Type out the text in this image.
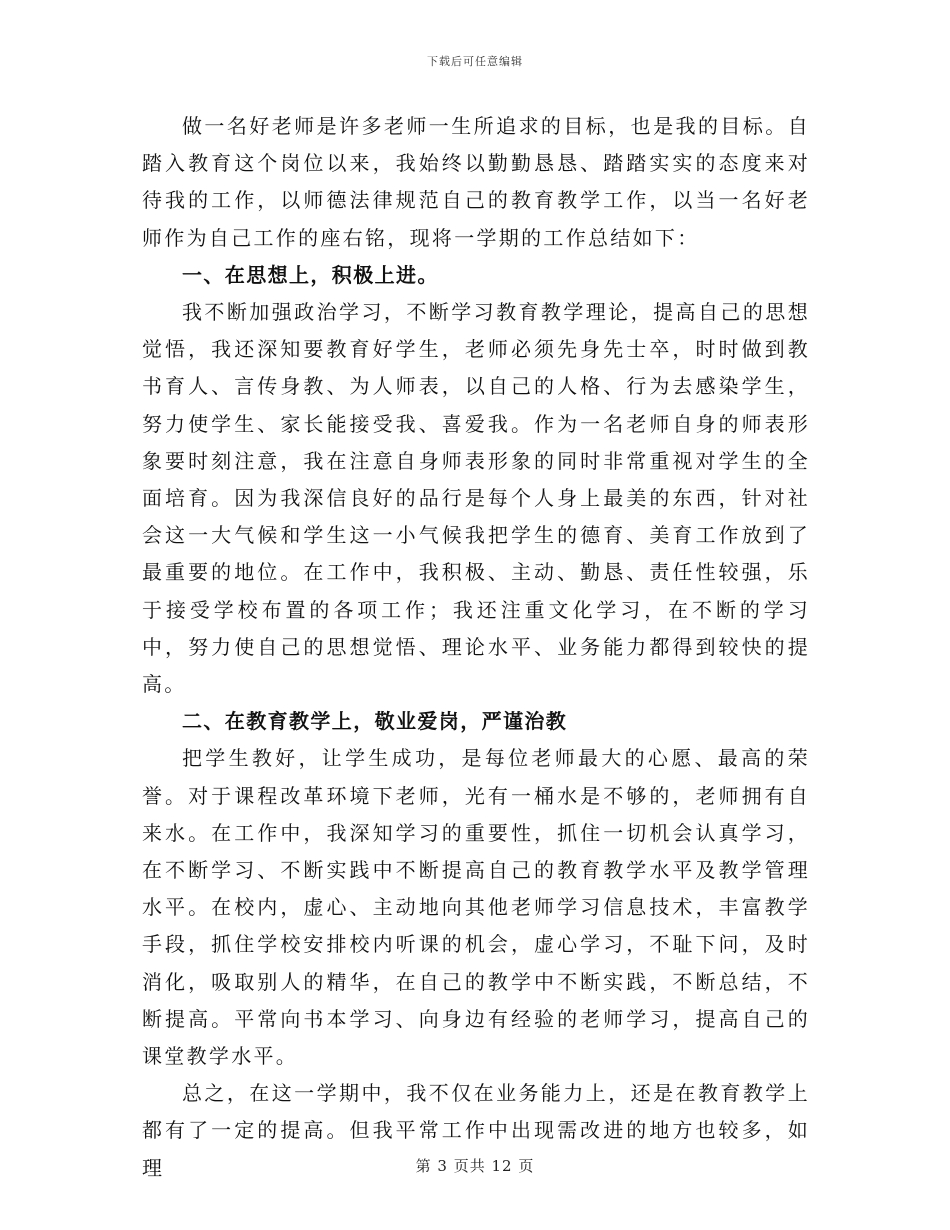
下载后可任意编辑

做一名好老师是许多老师一生所追求的目标，也是我的目标。自踏入教育这个岗位以来，我始终以勤勤恳恳、踏踏实实的态度来对待我的工作，以师德法律规范自己的教育教学工作，以当一名好老师作为自己工作的座右铭，现将一学期的工作总结如下：

一、在思想上，积极上进。

我不断加强政治学习，不断学习教育教学理论，提高自己的思想觉悟，我还深知要教育好学生，老师必须先身先士卒，时时做到教书育人、言传身教、为人师表，以自己的人格、行为去感染学生，努力使学生、家长能接受我、喜爱我。作为一名老师自身的师表形象要时刻注意，我在注意自身师表形象的同时非常重视对学生的全面培育。因为我深信良好的品行是每个人身上最美的东西，针对社会这一大气候和学生这一小气候我把学生的德育、美育工作放到了最重要的地位。在工作中，我积极、主动、勤恳、责任性较强，乐于接受学校布置的各项工作；我还注重文化学习，在不断的学习中，努力使自己的思想觉悟、理论水平、业务能力都得到较快的提高。

二、在教育教学上，敬业爱岗，严谨治教

把学生教好，让学生成功，是每位老师最大的心愿、最高的荣誉。对于课程改革环境下老师，光有一桶水是不够的，老师拥有自来水。在工作中，我深知学习的重要性，抓住一切机会认真学习，在不断学习、不断实践中不断提高自己的教育教学水平及教学管理水平。在校内，虚心、主动地向其他老师学习信息技术，丰富教学手段，抓住学校安排校内听课的机会，虚心学习，不耻下问，及时消化，吸取别人的精华，在自己的教学中不断实践，不断总结，不断提高。平常向书本学习、向身边有经验的老师学习，提高自己的课堂教学水平。

总之，在这一学期中，我不仅在业务能力上，还是在教育教学上都有了一定的提高。但我平常工作中出现需改进的地方也较多，如理	第 3 页共 12 页
